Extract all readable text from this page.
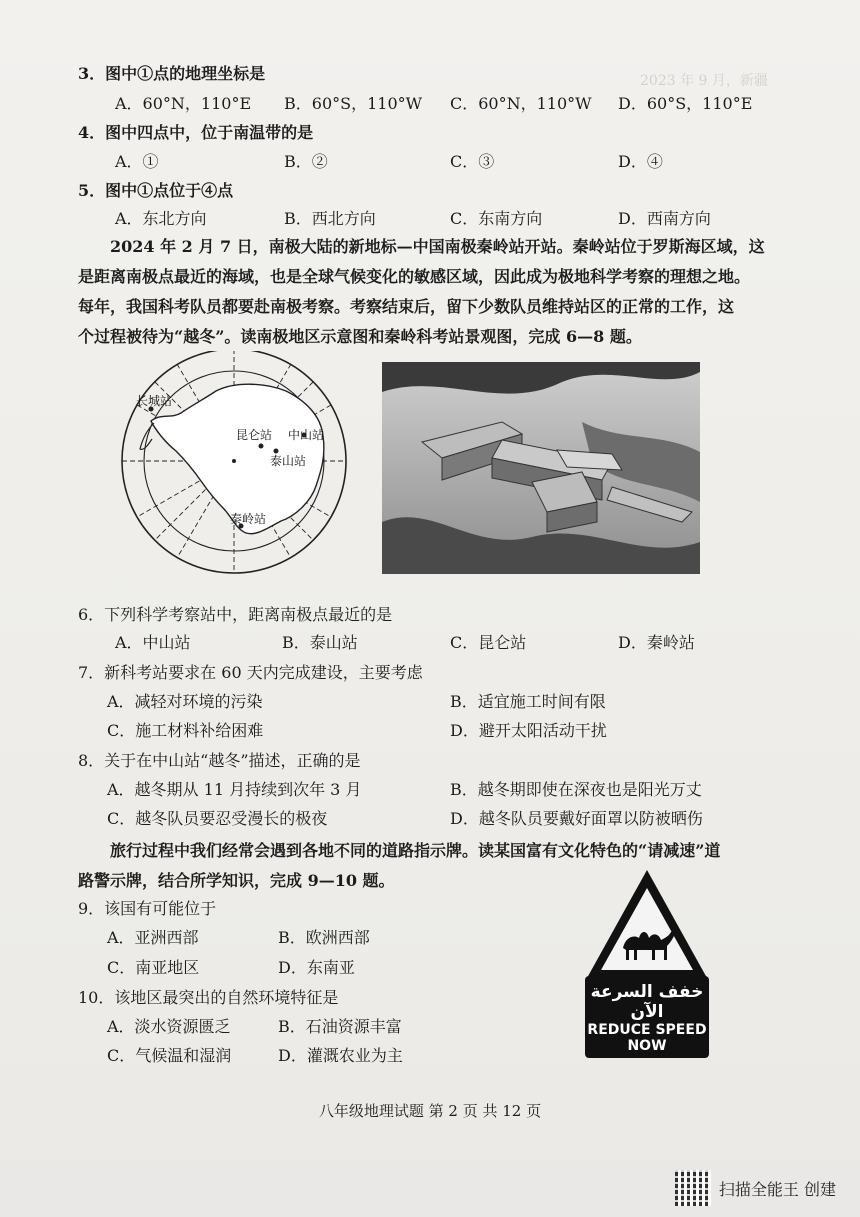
2023 年 9 月，新疆
3．图中①点的地理坐标是
A．60°N，110°E B．60°S，110°W C．60°N，110°W D．60°S，110°E
4．图中四点中，位于南温带的是
A．①	B．②	C．③	D．④
5．图中①点位于④点
A．东北方向	B．西北方向	C．东南方向	D．西南方向
2024 年 2 月 7 日，南极大陆的新地标—中国南极秦岭站开站。秦岭站位于罗斯海区域，这
是距离南极点最近的海域，也是全球气候变化的敏感区域，因此成为极地科学考察的理想之地。
每年，我国科考队员都要赴南极考察。考察结束后，留下少数队员维持站区的正常的工作，这
个过程被待为“越冬”。读南极地区示意图和秦岭科考站景观图，完成 6—8 题。
长城站
昆仑站 中山站
泰山站
秦岭站
6．下列科学考察站中，距离南极点最近的是
A．中山站	B．泰山站	C．昆仑站	D．秦岭站
7．新科考站要求在 60 天内完成建设，主要考虑
A．减轻对环境的污染	B．适宜施工时间有限
C．施工材料补给困难	D．避开太阳活动干扰
8．关于在中山站“越冬”描述，正确的是
A．越冬期从 11 月持续到次年 3 月	B．越冬期即使在深夜也是阳光万丈
C．越冬队员要忍受漫长的极夜	D．越冬队员要戴好面罩以防被晒伤
旅行过程中我们经常会遇到各地不同的道路指示牌。读某国富有文化特色的“请减速”道
路警示牌，结合所学知识，完成 9—10 题。
9．该国有可能位于
A．亚洲西部	B．欧洲西部
C．南亚地区	D．东南亚
10．该地区最突出的自然环境特征是
A．淡水资源匮乏	B．石油资源丰富
C．气候温和湿润	D．灌溉农业为主
خفف السرعة الآن
REDUCE SPEED
NOW
八年级地理试题 第 2 页 共 12 页
扫描全能王 创建
